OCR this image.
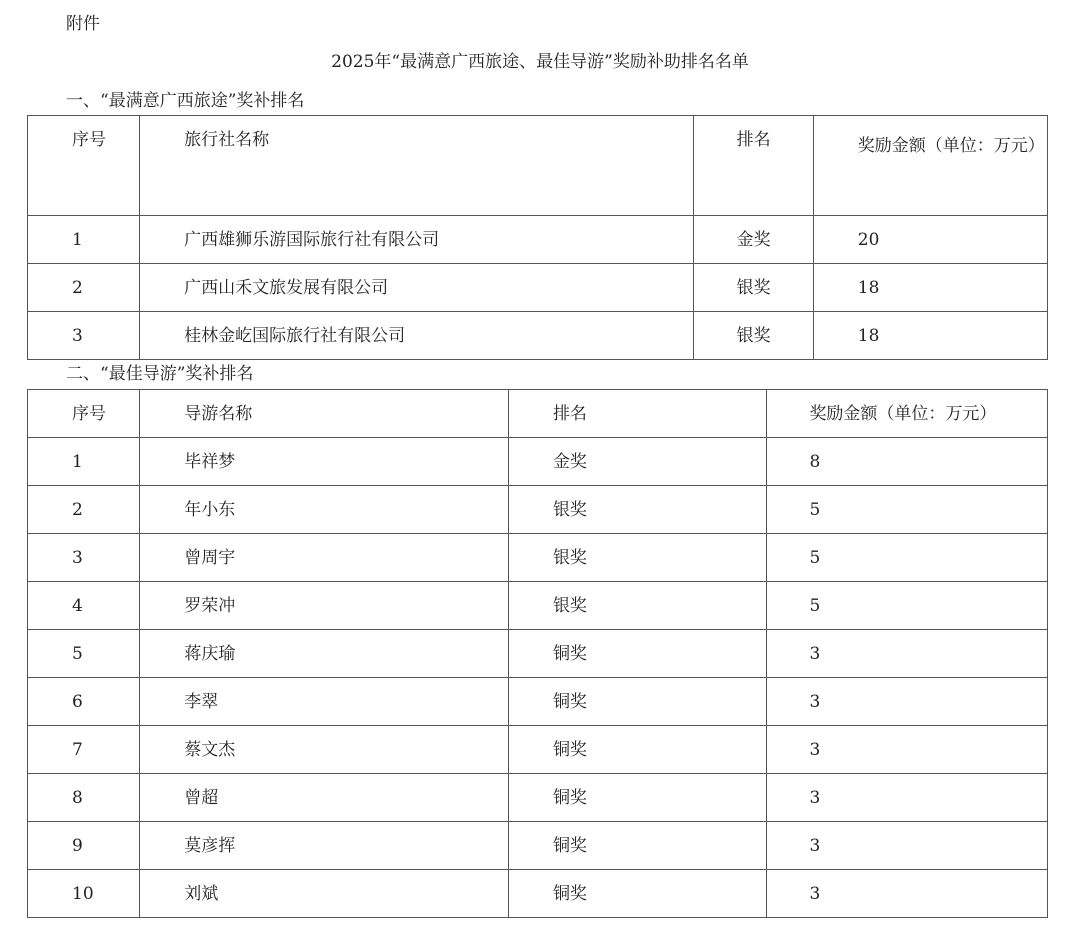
附件
2025年“最满意广西旅途、最佳导游”奖励补助排名名单
一、“最满意广西旅途”奖补排名
序号	旅行社名称	排名	奖励金额（单位：万元）

1	广西雄狮乐游国际旅行社有限公司	金奖	20
2	广西山禾文旅发展有限公司	银奖	18
3	桂林金屹国际旅行社有限公司	银奖	18
二、“最佳导游”奖补排名
序号	导游名称	排名	奖励金额（单位：万元）
1	毕祥梦	金奖	8
2	年小东	银奖	5
3	曾周宇	银奖	5
4	罗荣冲	银奖	5
5	蒋庆瑜	铜奖	3
6	李翠	铜奖	3
7	蔡文杰	铜奖	3
8	曾超	铜奖	3
9	莫彦挥	铜奖	3
10	刘斌	铜奖	3
